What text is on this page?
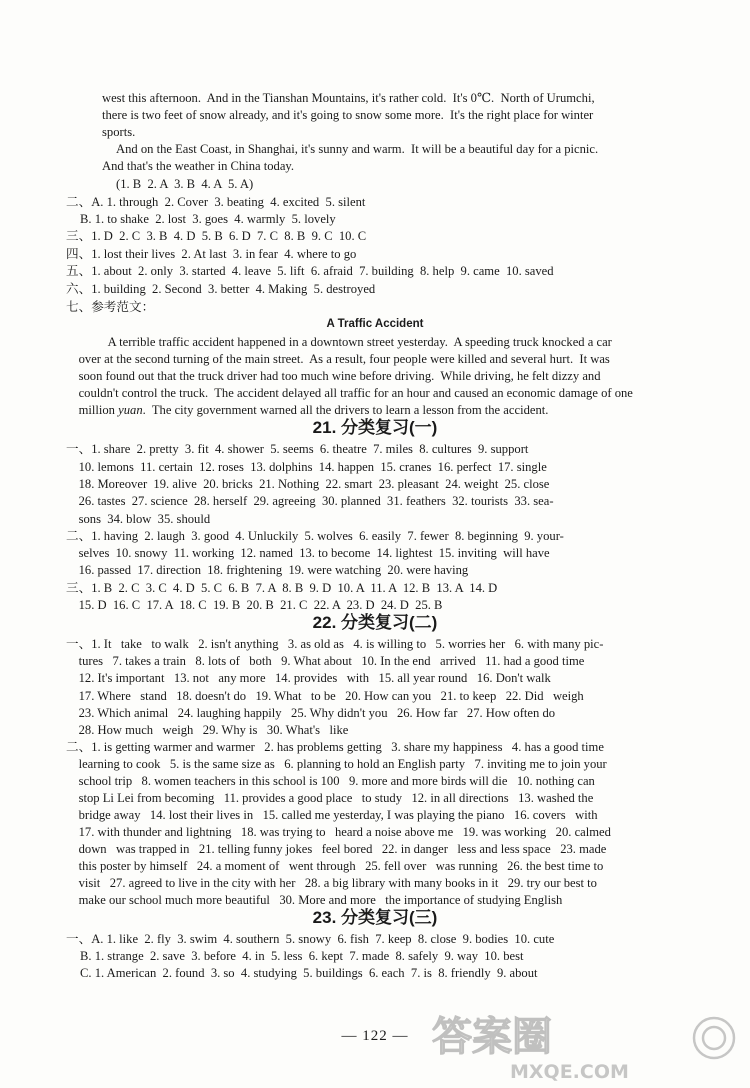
west this afternoon.  And in the Tianshan Mountains, it's rather cold.  It's 0℃.  North of Urumchi,
there is two feet of snow already, and it's going to snow some more.  It's the right place for winter
sports.
And on the East Coast, in Shanghai, it's sunny and warm.  It will be a beautiful day for a picnic.
And that's the weather in China today.
(1. B  2. A  3. B  4. A  5. A)
二、A. 1. through  2. Cover  3. beating  4. excited  5. silent
B. 1. to shake  2. lost  3. goes  4. warmly  5. lovely
三、1. D  2. C  3. B  4. D  5. B  6. D  7. C  8. B  9. C  10. C
四、1. lost their lives  2. At last  3. in fear  4. where to go
五、1. about  2. only  3. started  4. leave  5. lift  6. afraid  7. building  8. help  9. came  10. saved
六、1. building  2. Second  3. better  4. Making  5. destroyed
七、参考范文：
A terrible traffic accident happened in a downtown street yesterday.  A speeding truck knocked a car
over at the second turning of the main street.  As a result, four people were killed and several hurt.  It was
soon found out that the truck driver had too much wine before driving.  While driving, he felt dizzy and
couldn't control the truck.  The accident delayed all traffic for an hour and caused an economic damage of one
million yuan.  The city government warned all the drivers to learn a lesson from the accident.
一、1. share  2. pretty  3. fit  4. shower  5. seems  6. theatre  7. miles  8. cultures  9. support
10. lemons  11. certain  12. roses  13. dolphins  14. happen  15. cranes  16. perfect  17. single
18. Moreover  19. alive  20. bricks  21. Nothing  22. smart  23. pleasant  24. weight  25. close
26. tastes  27. science  28. herself  29. agreeing  30. planned  31. feathers  32. tourists  33. sea-
sons  34. blow  35. should
二、1. having  2. laugh  3. good  4. Unluckily  5. wolves  6. easily  7. fewer  8. beginning  9. your-
selves  10. snowy  11. working  12. named  13. to become  14. lightest  15. inviting  will have
16. passed  17. direction  18. frightening  19. were watching  20. were having
三、1. B  2. C  3. C  4. D  5. C  6. B  7. A  8. B  9. D  10. A  11. A  12. B  13. A  14. D
15. D  16. C  17. A  18. C  19. B  20. B  21. C  22. A  23. D  24. D  25. B
一、1. It   take   to walk   2. isn't anything   3. as old as   4. is willing to   5. worries her   6. with many pic-
tures   7. takes a train   8. lots of   both   9. What about   10. In the end   arrived   11. had a good time
12. It's important   13. not   any more   14. provides   with   15. all year round   16. Don't walk
17. Where   stand   18. doesn't do   19. What   to be   20. How can you   21. to keep   22. Did   weigh
23. Which animal   24. laughing happily   25. Why didn't you   26. How far   27. How often do
28. How much   weigh   29. Why is   30. What's   like
二、1. is getting warmer and warmer   2. has problems getting   3. share my happiness   4. has a good time
learning to cook   5. is the same size as   6. planning to hold an English party   7. inviting me to join your
school trip   8. women teachers in this school is 100   9. more and more birds will die   10. nothing can
stop Li Lei from becoming   11. provides a good place   to study   12. in all directions   13. washed the
bridge away   14. lost their lives in   15. called me yesterday, I was playing the piano   16. covers   with
17. with thunder and lightning   18. was trying to   heard a noise above me   19. was working   20. calmed
down   was trapped in   21. telling funny jokes   feel bored   22. in danger   less and less space   23. made
this poster by himself   24. a moment of   went through   25. fell over   was running   26. the best time to
visit   27. agreed to live in the city with her   28. a big library with many books in it   29. try our best to
make our school much more beautiful   30. More and more   the importance of studying English
一、A. 1. like  2. fly  3. swim  4. southern  5. snowy  6. fish  7. keep  8. close  9. bodies  10. cute
B. 1. strange  2. save  3. before  4. in  5. less  6. kept  7. made  8. safely  9. way  10. best
C. 1. American  2. found  3. so  4. studying  5. buildings  6. each  7. is  8. friendly  9. about
A Traffic Accident
21. 分类复习(一)
22. 分类复习(二)
23. 分类复习(三)
— 122 — 答案圈
MXQE.COM
